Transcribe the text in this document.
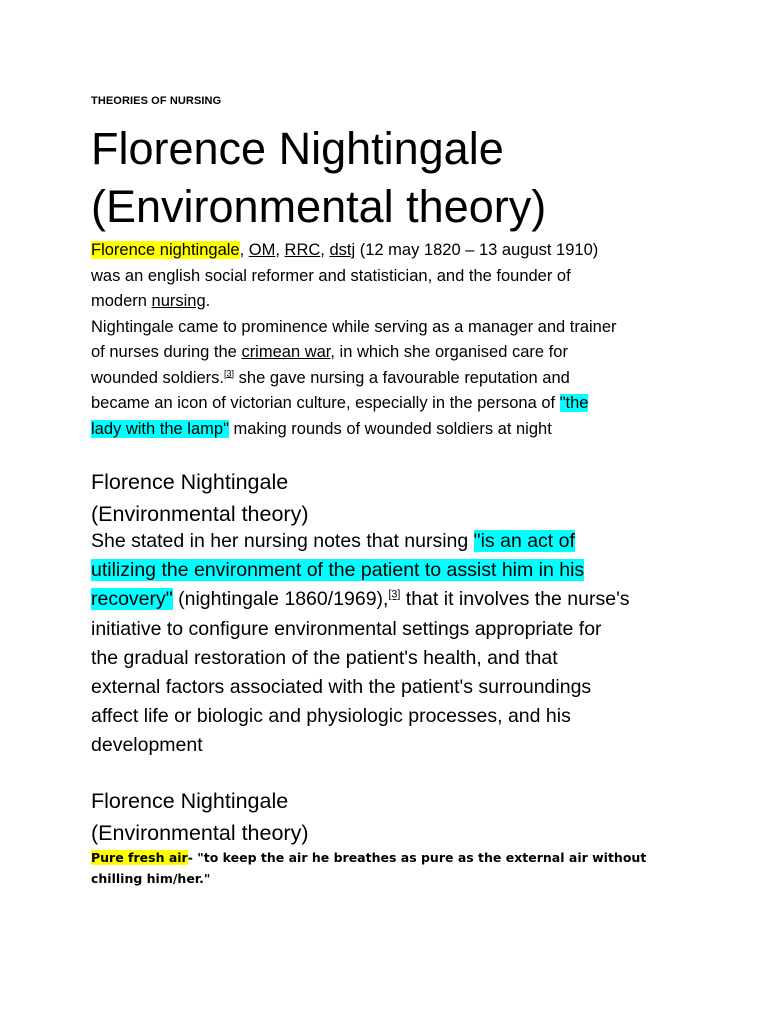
THEORIES OF NURSING
Florence Nightingale
(Environmental theory)

Florence nightingale, OM, RRC, dstj (12 may 1820 – 13 august 1910)
was an english social reformer and statistician, and the founder of
modern nursing.
Nightingale came to prominence while serving as a manager and trainer
of nurses during the crimean war, in which she organised care for
wounded soldiers.[3] she gave nursing a favourable reputation and
became an icon of victorian culture, especially in the persona of "the
lady with the lamp" making rounds of wounded soldiers at night

Florence Nightingale
(Environmental theory)

She stated in her nursing notes that nursing "is an act of
utilizing the environment of the patient to assist him in his
recovery" (nightingale 1860/1969),[3] that it involves the nurse's
initiative to configure environmental settings appropriate for
the gradual restoration of the patient's health, and that
external factors associated with the patient's surroundings
affect life or biologic and physiologic processes, and his
development

Florence Nightingale
(Environmental theory)

Pure fresh air- "to keep the air he breathes as pure as the external air without
chilling him/her."
